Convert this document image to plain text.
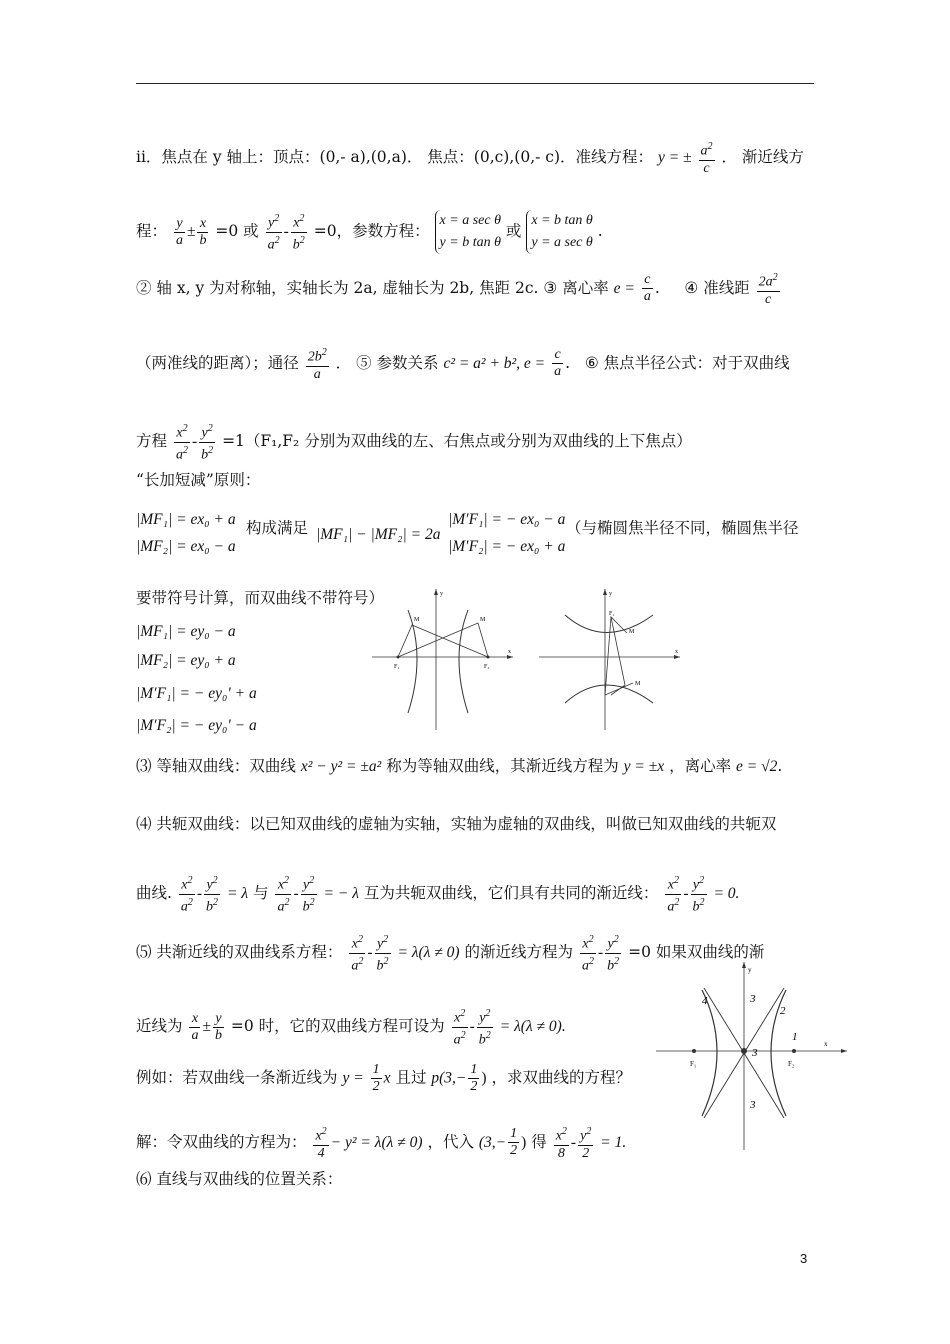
ii．焦点在 y 轴上：顶点：(0,- a),(0,a)． 焦点：(0,c),(0,- c)．准线方程： y = ± $\frac{a^2}{c}$ ． 渐近线方
程： $\frac{y}{a} \pm \frac{x}{b} =0$ 或 $\frac{y^2}{a^2} - \frac{x^2}{b^2} =0$，参数方程：
x = a sec θ
y = b tan θ
或
x = b tan θ
y = a sec θ
.
② 轴 x, y 为对称轴，实轴长为 2a, 虚轴长为 2b, 焦距 2c. ③ 离心率 $e = \frac{c}{a}$ .     ④ 准线距 $\frac{2a^2}{c}$
（两准线的距离）；通径 $\frac{2b^2}{a}$ ． ⑤ 参数关系 c² = a² + b², $e = \frac{c}{a}$ .   ⑥ 焦点半径公式：对于双曲线
方程 $\frac{x^2}{a^2} - \frac{y^2}{b^2} =1(F_1,F_2$ 分别为双曲线的左、右焦点或分别为双曲线的上下焦点）
“长加短减”原则：
|MF₁| = ex₀ + a
|MF₂| = ex₀ − a
构成满足 |MF₁| − |MF₂| = 2a
|M′F₁| = − ex₀ − a
|M′F₂| = − ex₀ + a
（与椭圆焦半径不同，椭圆焦半径
要带符号计算，而双曲线不带符号）
|MF₁| = ey₀ − a
|MF₂| = ey₀ + a
|M′F₁| = − ey₀′ + a
|M′F₂| = − ey₀′ − a
F₁	F₂
M	M
x
y
F₁
M
M
x
y
⑶ 等轴双曲线：双曲线 x² − y² = ±a² 称为等轴双曲线，其渐近线方程为 y = ±x ，离心率 e = √2.
⑷ 共轭双曲线：以已知双曲线的虚轴为实轴，实轴为虚轴的双曲线，叫做已知双曲线的共轭双
曲线. $\frac{x^2}{a^2} - \frac{y^2}{b^2} = \lambda$ 与 $\frac{x^2}{a^2} - \frac{y^2}{b^2}$ = − λ 互为共轭双曲线，它们具有共同的渐近线： $\frac{x^2}{a^2} - \frac{y^2}{b^2} = 0$.
⑸ 共渐近线的双曲线系方程： $\frac{x^2}{a^2} - \frac{y^2}{b^2} = \lambda(\lambda \ne 0)$ 的渐近线方程为 $\frac{x^2}{a^2} - \frac{y^2}{b^2} =0$ 如果双曲线的渐
近线为 $\frac{x}{a} \pm \frac{y}{b} =0$ 时，它的双曲线方程可设为 $\frac{x^2}{a^2} - \frac{y^2}{b^2} = \lambda(\lambda \ne 0)$.
例如：若双曲线一条渐近线为 $y = \frac{1}{2}$ x 且过 $p(3,- \frac{1}{2}$ ) ，求双曲线的方程？
解：令双曲线的方程为： $\frac{x^2}{4} - y^2 = \lambda(\lambda \ne 0)$ ，代入 ($3,- \frac{1}{2}$ ) 得 $\frac{x^2}{8} - \frac{y^2}{2} = 1$.
⑹ 直线与双曲线的位置关系：
F₁	F₂
x
y
1
2
3
3
3
4
3
